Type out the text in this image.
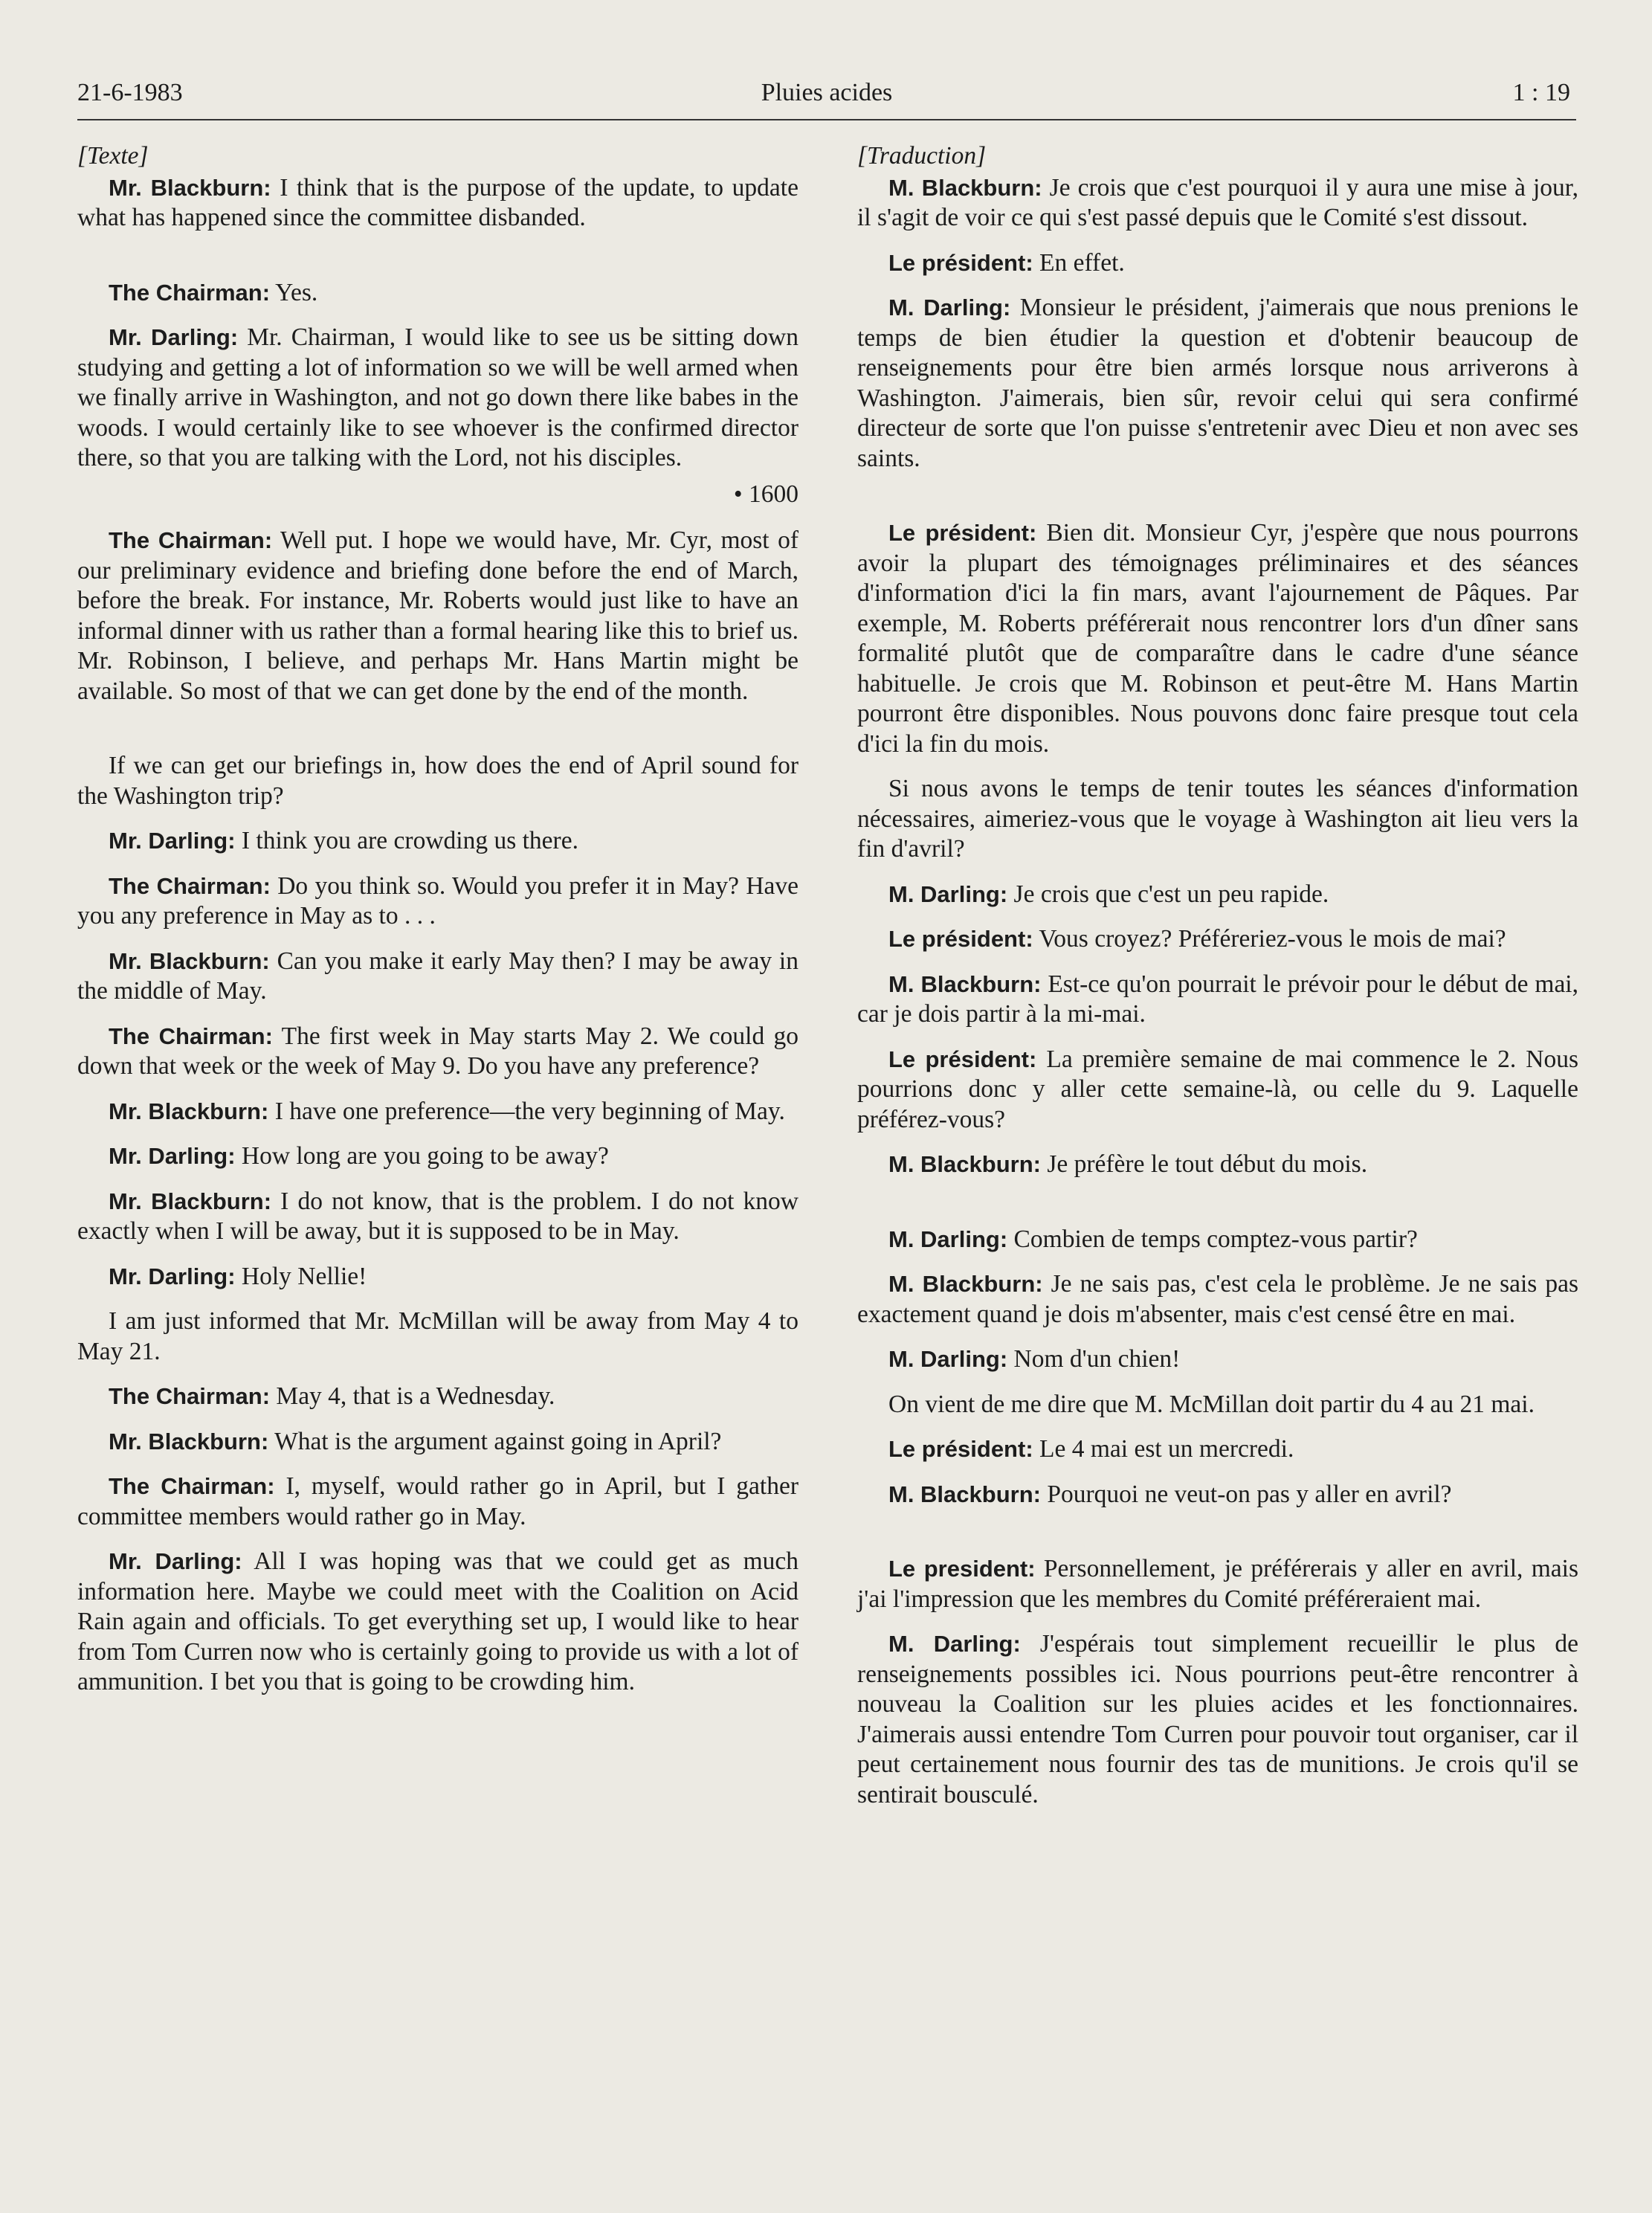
21-6-1983	Pluies acides	1 : 19
[Texte]

Mr. Blackburn: I think that is the purpose of the update, to update what has happened since the committee disbanded.

The Chairman: Yes.

Mr. Darling: Mr. Chairman, I would like to see us be sitting down studying and getting a lot of information so we will be well armed when we finally arrive in Washington, and not go down there like babes in the woods. I would certainly like to see whoever is the confirmed director there, so that you are talking with the Lord, not his disciples.

• 1600

The Chairman: Well put. I hope we would have, Mr. Cyr, most of our preliminary evidence and briefing done before the end of March, before the break. For instance, Mr. Roberts would just like to have an informal dinner with us rather than a formal hearing like this to brief us. Mr. Robinson, I believe, and perhaps Mr. Hans Martin might be available. So most of that we can get done by the end of the month.

If we can get our briefings in, how does the end of April sound for the Washington trip?

Mr. Darling: I think you are crowding us there.

The Chairman: Do you think so. Would you prefer it in May? Have you any preference in May as to . . .

Mr. Blackburn: Can you make it early May then? I may be away in the middle of May.

The Chairman: The first week in May starts May 2. We could go down that week or the week of May 9. Do you have any preference?

Mr. Blackburn: I have one preference—the very beginning of May.

Mr. Darling: How long are you going to be away?

Mr. Blackburn: I do not know, that is the problem. I do not know exactly when I will be away, but it is supposed to be in May.

Mr. Darling: Holy Nellie!

I am just informed that Mr. McMillan will be away from May 4 to May 21.

The Chairman: May 4, that is a Wednesday.

Mr. Blackburn: What is the argument against going in April?

The Chairman: I, myself, would rather go in April, but I gather committee members would rather go in May.

Mr. Darling: All I was hoping was that we could get as much information here. Maybe we could meet with the Coalition on Acid Rain again and officials. To get everything set up, I would like to hear from Tom Curren now who is certainly going to provide us with a lot of ammunition. I bet you that is going to be crowding him.

[Traduction]

M. Blackburn: Je crois que c'est pourquoi il y aura une mise à jour, il s'agit de voir ce qui s'est passé depuis que le Comité s'est dissout.

Le président: En effet.

M. Darling: Monsieur le président, j'aimerais que nous prenions le temps de bien étudier la question et d'obtenir beaucoup de renseignements pour être bien armés lorsque nous arriverons à Washington. J'aimerais, bien sûr, revoir celui qui sera confirmé directeur de sorte que l'on puisse s'entretenir avec Dieu et non avec ses saints.

Le président: Bien dit. Monsieur Cyr, j'espère que nous pourrons avoir la plupart des témoignages préliminaires et des séances d'information d'ici la fin mars, avant l'ajournement de Pâques. Par exemple, M. Roberts préférerait nous rencontrer lors d'un dîner sans formalité plutôt que de comparaître dans le cadre d'une séance habituelle. Je crois que M. Robinson et peut-être M. Hans Martin pourront être disponibles. Nous pouvons donc faire presque tout cela d'ici la fin du mois.

Si nous avons le temps de tenir toutes les séances d'information nécessaires, aimeriez-vous que le voyage à Washington ait lieu vers la fin d'avril?

M. Darling: Je crois que c'est un peu rapide.

Le président: Vous croyez? Préféreriez-vous le mois de mai?

M. Blackburn: Est-ce qu'on pourrait le prévoir pour le début de mai, car je dois partir à la mi-mai.

Le président: La première semaine de mai commence le 2. Nous pourrions donc y aller cette semaine-là, ou celle du 9. Laquelle préférez-vous?

M. Blackburn: Je préfère le tout début du mois.

M. Darling: Combien de temps comptez-vous partir?

M. Blackburn: Je ne sais pas, c'est cela le problème. Je ne sais pas exactement quand je dois m'absenter, mais c'est censé être en mai.

M. Darling: Nom d'un chien!

On vient de me dire que M. McMillan doit partir du 4 au 21 mai.

Le président: Le 4 mai est un mercredi.

M. Blackburn: Pourquoi ne veut-on pas y aller en avril?

Le president: Personnellement, je préférerais y aller en avril, mais j'ai l'impression que les membres du Comité préféreraient mai.

M. Darling: J'espérais tout simplement recueillir le plus de renseignements possibles ici. Nous pourrions peut-être rencontrer à nouveau la Coalition sur les pluies acides et les fonctionnaires. J'aimerais aussi entendre Tom Curren pour pouvoir tout organiser, car il peut certainement nous fournir des tas de munitions. Je crois qu'il se sentirait bousculé.
